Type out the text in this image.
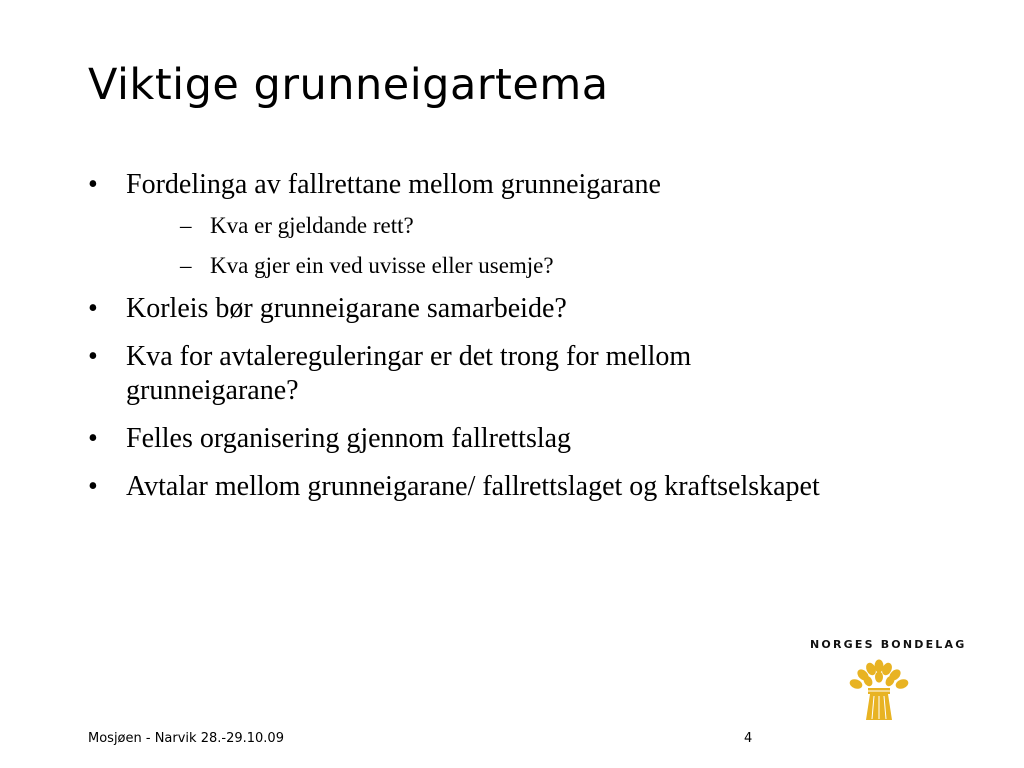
Viktige grunneigartema
• Fordelinga av fallrettane mellom grunneigarane
– Kva er gjeldande rett?
– Kva gjer ein ved uvisse eller usemje?
• Korleis bør grunneigarane samarbeide?
• Kva for avtalereguleringar er det trong for mellom grunneigarane?
• Felles organisering gjennom fallrettslag
• Avtalar mellom grunneigarane/ fallrettslaget og kraftselskapet
NORGES BONDELAG
Mosjøen - Narvik 28.-29.10.09	4
